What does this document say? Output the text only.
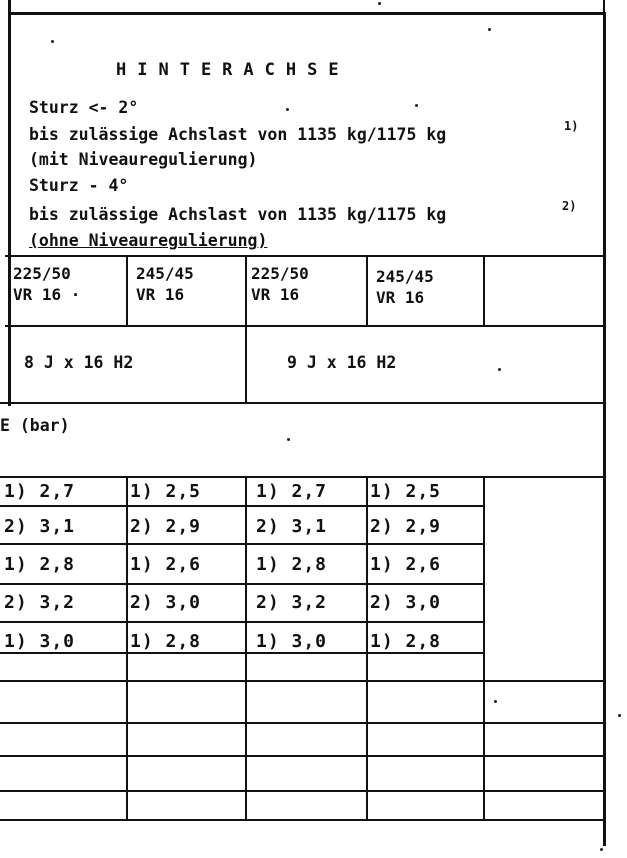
HINTERACHSE
Sturz <- 2°
bis zulässige Achslast von 1135 kg/1175 kg	1)
(mit Niveauregulierung)
Sturz - 4°
bis zulässige Achslast von 1135 kg/1175 kg	2)
(ohne Niveauregulierung)
225/50
VR 16 ·
245/45
VR 16
225/50
VR 16
245/45
VR 16
8 J x 16 H2	9 J x 16 H2
E (bar)
1) 2,7	1) 2,5	1) 2,7 1) 2,5
2) 3,1	2) 2,9	2) 3,1 2) 2,9
1) 2,8	1) 2,6	1) 2,8 1) 2,6
2) 3,2	2) 3,0	2) 3,2 2) 3,0
1) 3,0	1) 2,8	1) 3,0 1) 2,8
